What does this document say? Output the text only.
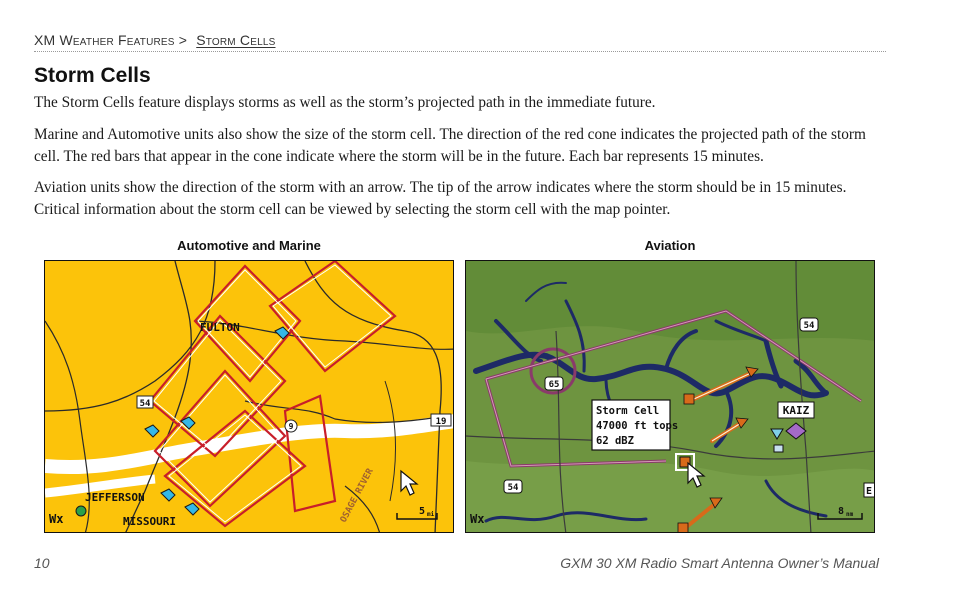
XM Weather Features > Storm Cells
Storm Cells

The Storm Cells feature displays storms as well as the storm’s projected path in the immediate future.

Marine and Automotive units also show the size of the storm cell. The direction of the red cone indicates the projected path of the storm cell. The red bars that appear in the cone indicate where the storm will be in the future. Each bar represents 15 minutes.

Aviation units show the direction of the storm with an arrow. The tip of the arrow indicates where the storm should be in 15 minutes. Critical information about the storm cell can be viewed by selecting the storm cell with the map pointer.

Automotive and Marine	Aviation
54
19
9
FULTON
JEFFERSON
MISSOURI	OSAGE RIVER	5 mi
Wx
Storm Cell
47000 ft tops
62 dBZ
KAIZ
54
54
65
E
8 nm
Wx
10	GXM 30 XM Radio Smart Antenna Owner’s Manual
